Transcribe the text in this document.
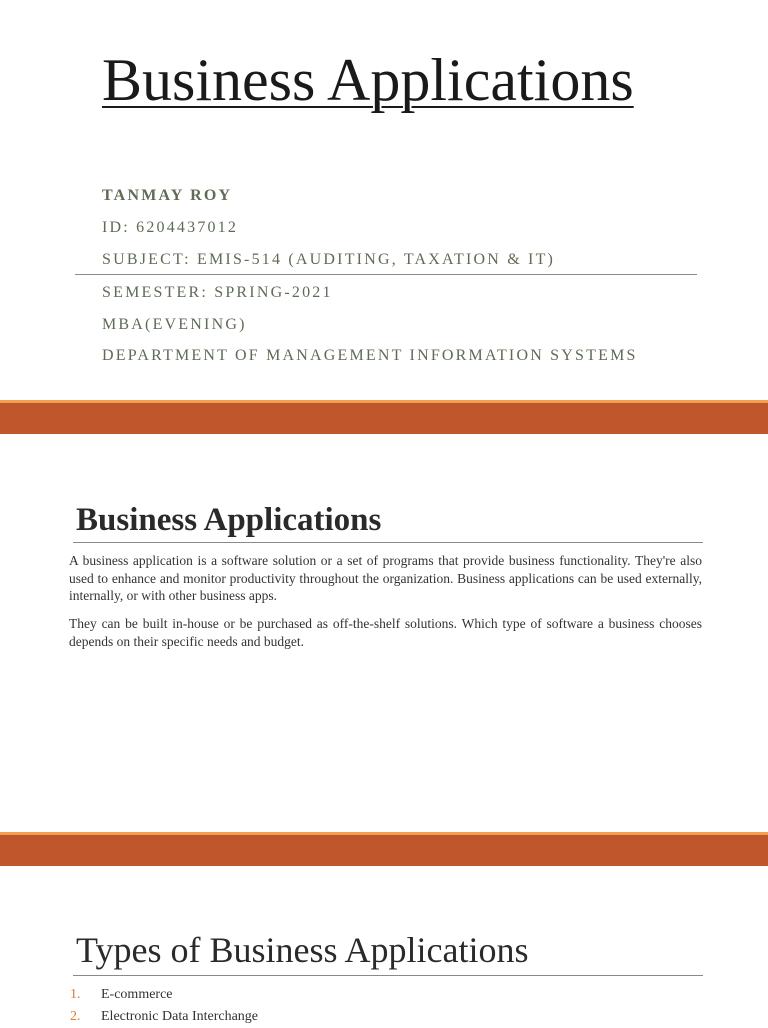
Business Applications
TANMAY ROY
ID: 6204437012
SUBJECT: EMIS-514 (AUDITING, TAXATION & IT)
SEMESTER: SPRING-2021
MBA(EVENING)
DEPARTMENT OF MANAGEMENT INFORMATION SYSTEMS
Business Applications
A business application is a software solution or a set of programs that provide business functionality. They're also used to enhance and monitor productivity throughout the organization. Business applications can be used externally, internally, or with other business apps.
They can be built in-house or be purchased as off-the-shelf solutions. Which type of software a business chooses depends on their specific needs and budget.
Types of Business Applications
1.	E-commerce
2.	Electronic Data Interchange
